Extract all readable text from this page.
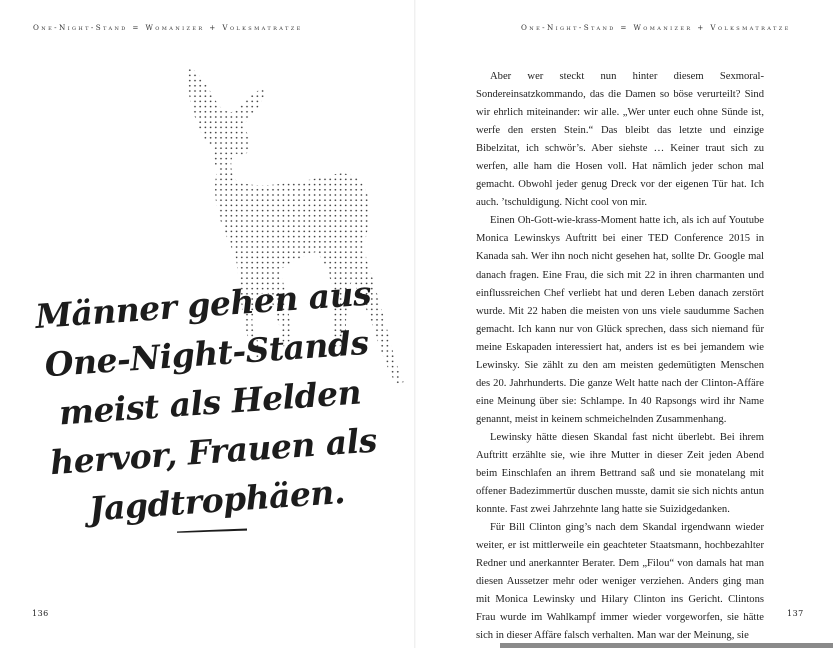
One-Night-Stand = Womanizer + Volksmatratze
Männer gehen aus
One-Night-Stands
meist als Helden
hervor, Frauen als
Jagdtrophäen.
136
One-Night-Stand = Womanizer + Volksmatratze

Aber wer steckt nun hinter diesem Sexmoral-Sondereinsatzkommando, das die Damen so böse verurteilt? Sind wir ehrlich miteinander: wir alle. „Wer unter euch ohne Sünde ist, werfe den ersten Stein.“ Das bleibt das letzte und einzige Bibelzitat, ich schwör’s. Aber siehste … Keiner traut sich zu werfen, alle ham die Hosen voll. Hat nämlich jeder schon mal gemacht. Obwohl jeder genug Dreck vor der eigenen Tür hat. Ich auch. ’tschuldigung. Nicht cool von mir.

Einen Oh-Gott-wie-krass-Moment hatte ich, als ich auf Youtube Monica Lewinskys Auftritt bei einer TED Conference 2015 in Kanada sah. Wer ihn noch nicht gesehen hat, sollte Dr. Google mal danach fragen. Eine Frau, die sich mit 22 in ihren charmanten und einflussreichen Chef verliebt hat und deren Leben danach zerstört wurde. Mit 22 haben die meisten von uns viele saudumme Sachen gemacht. Ich kann nur von Glück sprechen, dass sich niemand für meine Eskapaden interessiert hat, anders ist es bei jemandem wie Lewinsky. Sie zählt zu den am meisten gedemütigten Menschen des 20. Jahrhunderts. Die ganze Welt hatte nach der Clinton-Affäre eine Meinung über sie: Schlampe. In 40 Rapsongs wird ihr Name genannt, meist in keinem schmeichelnden Zusammenhang.

Lewinsky hätte diesen Skandal fast nicht überlebt. Bei ihrem Auftritt erzählte sie, wie ihre Mutter in dieser Zeit jeden Abend beim Einschlafen an ihrem Bettrand saß und sie monatelang mit offener Badezimmertür duschen musste, damit sie sich nichts antun konnte. Fast zwei Jahrzehnte lang hatte sie Suizidgedanken.

Für Bill Clinton ging’s nach dem Skandal irgendwann wieder weiter, er ist mittlerweile ein geachteter Staatsmann, hochbezahlter Redner und anerkannter Berater. Dem „Filou“ von damals hat man diesen Aussetzer mehr oder weniger verziehen. Anders ging man mit Monica Lewinsky und Hilary Clinton ins Gericht. Clintons Frau wurde im Wahlkampf immer wieder vorgeworfen, sie hätte sich in dieser Affäre falsch verhalten. Man war der Meinung, sie

137
